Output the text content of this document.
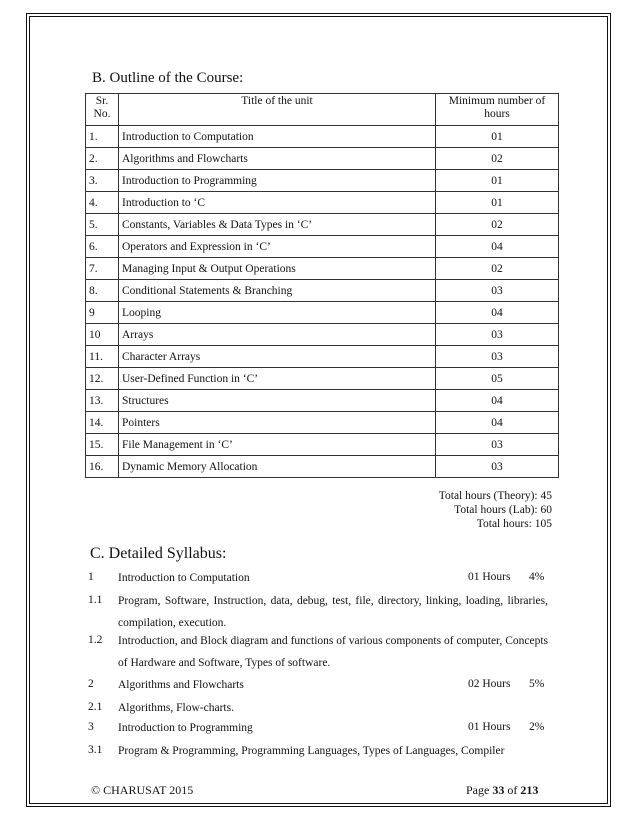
B. Outline of the Course:
Sr. No.	Title of the unit	Minimum number of hours
1.	Introduction to Computation	01
2.	Algorithms and Flowcharts	02
3.	Introduction to Programming	01
4.	Introduction to ‘C	01
5.	Constants, Variables & Data Types in ‘C’	02
6.	Operators and Expression in ‘C’	04
7.	Managing Input & Output Operations	02
8.	Conditional Statements & Branching	03
9	Looping	04
10	Arrays	03
11.	Character Arrays	03
12.	User-Defined Function in ‘C’	05
13.	Structures	04
14.	Pointers	04
15.	File Management in ‘C’	03
16.	Dynamic Memory Allocation	03
Total hours (Theory): 45
Total hours (Lab): 60
Total hours: 105
C. Detailed Syllabus:
1 Introduction to Computation	01 Hours 4%
1.1 Program, Software, Instruction, data, debug, test, file, directory, linking, loading, libraries, compilation, execution.
1.2 Introduction, and Block diagram and functions of various components of computer, Concepts of Hardware and Software, Types of software.
2 Algorithms and Flowcharts	02 Hours 5%
2.1 Algorithms, Flow-charts.
3 Introduction to Programming	01 Hours 2%
3.1 Program & Programming, Programming Languages, Types of Languages, Compiler
© CHARUSAT 2015	Page 33 of 213
